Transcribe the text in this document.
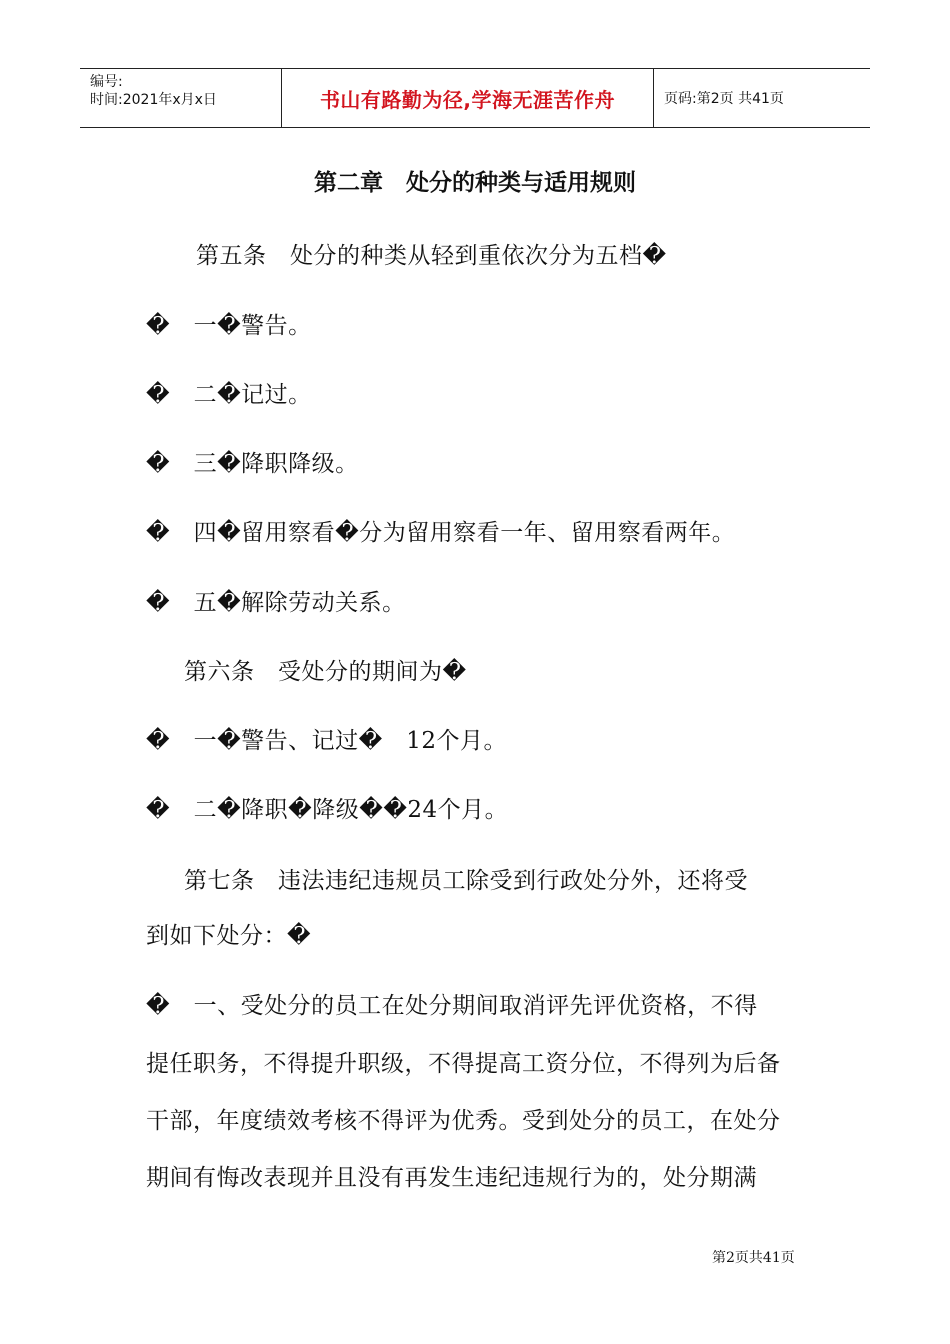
编号:
时间:2021年x月x日	书山有路勤为径,学海无涯苦作舟	页码:第2页 共41页
第二章　处分的种类与适用规则
第五条　处分的种类从轻到重依次分为五档�
�　一�警告。
�　二�记过。
�　三�降职降级。
�　四�留用察看�分为留用察看一年、留用察看两年。
�　五�解除劳动关系。
第六条　受处分的期间为�
�　一�警告、记过�　12个月。
�　二�降职�降级��24个月。
第七条　违法违纪违规员工除受到行政处分外，还将受
到如下处分：�
�　一、受处分的员工在处分期间取消评先评优资格，不得
提任职务，不得提升职级，不得提高工资分位，不得列为后备
干部，年度绩效考核不得评为优秀。受到处分的员工，在处分
期间有悔改表现并且没有再发生违纪违规行为的，处分期满
第2页共41页
